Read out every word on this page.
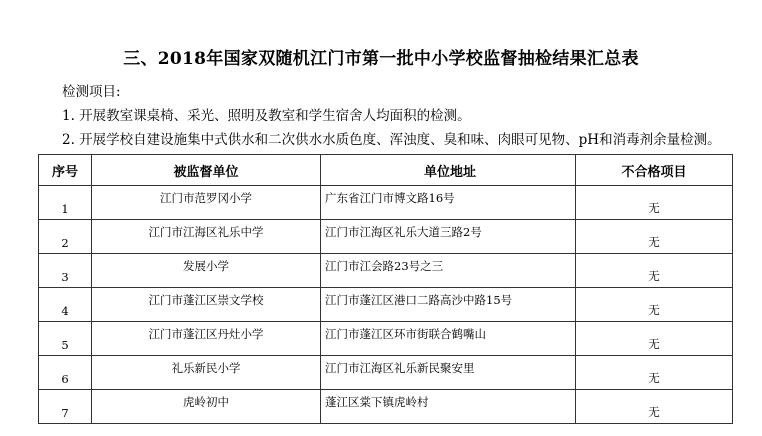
三、2018年国家双随机江门市第一批中小学校监督抽检结果汇总表

检测项目:

1. 开展教室课桌椅、采光、照明及教室和学生宿舍人均面积的检测。

2. 开展学校自建设施集中式供水和二次供水水质色度、浑浊度、臭和味、肉眼可见物、pH和消毒剂余量检测。

序号	被监督单位	单位地址	不合格项目
1	江门市范罗冈小学	广东省江门市博文路16号	无
2	江门市江海区礼乐中学	江门市江海区礼乐大道三路2号	无
3	发展小学	江门市江会路23号之三	无
4	江门市蓬江区崇文学校	江门市蓬江区港口二路高沙中路15号	无
5	江门市蓬江区丹灶小学	江门市蓬江区环市街联合鹤嘴山	无
6	礼乐新民小学	江门市江海区礼乐新民聚安里	无
7	虎岭初中	蓬江区棠下镇虎岭村	无
